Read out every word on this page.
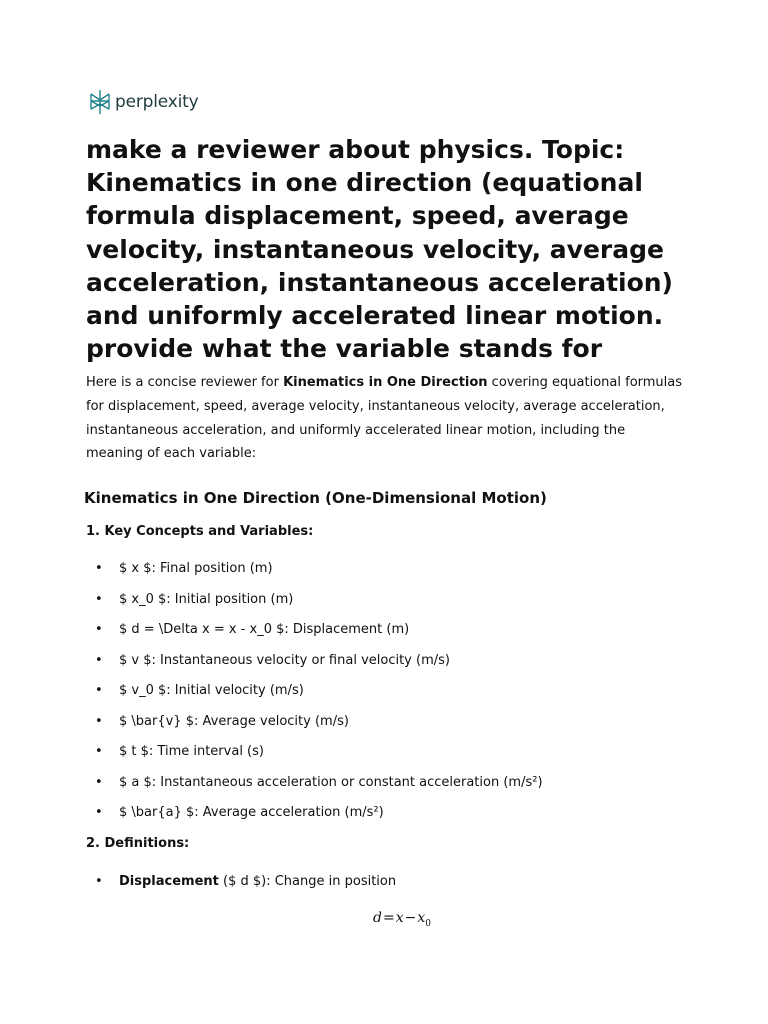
perplexity
make a reviewer about physics. Topic: Kinematics in one direction (equational formula displacement, speed, average velocity, instantaneous velocity, average acceleration, instantaneous acceleration) and uniformly accelerated linear motion. provide what the variable stands for

Here is a concise reviewer for Kinematics in One Direction covering equational formulas for displacement, speed, average velocity, instantaneous velocity, average acceleration, instantaneous acceleration, and uniformly accelerated linear motion, including the meaning of each variable:

Kinematics in One Direction (One-Dimensional Motion)
1. Key Concepts and Variables:
• $ x $: Final position (m)
• $ x_0 $: Initial position (m)
• $ d = \Delta x = x - x_0 $: Displacement (m)
• $ v $: Instantaneous velocity or final velocity (m/s)
• $ v_0 $: Initial velocity (m/s)
• $ \bar{v} $: Average velocity (m/s)
• $ t $: Time interval (s)
• $ a $: Instantaneous acceleration or constant acceleration (m/s²)
• $ \bar{a} $: Average acceleration (m/s²)
2. Definitions:
• Displacement ($ d $): Change in position
$d=x-x_0$
